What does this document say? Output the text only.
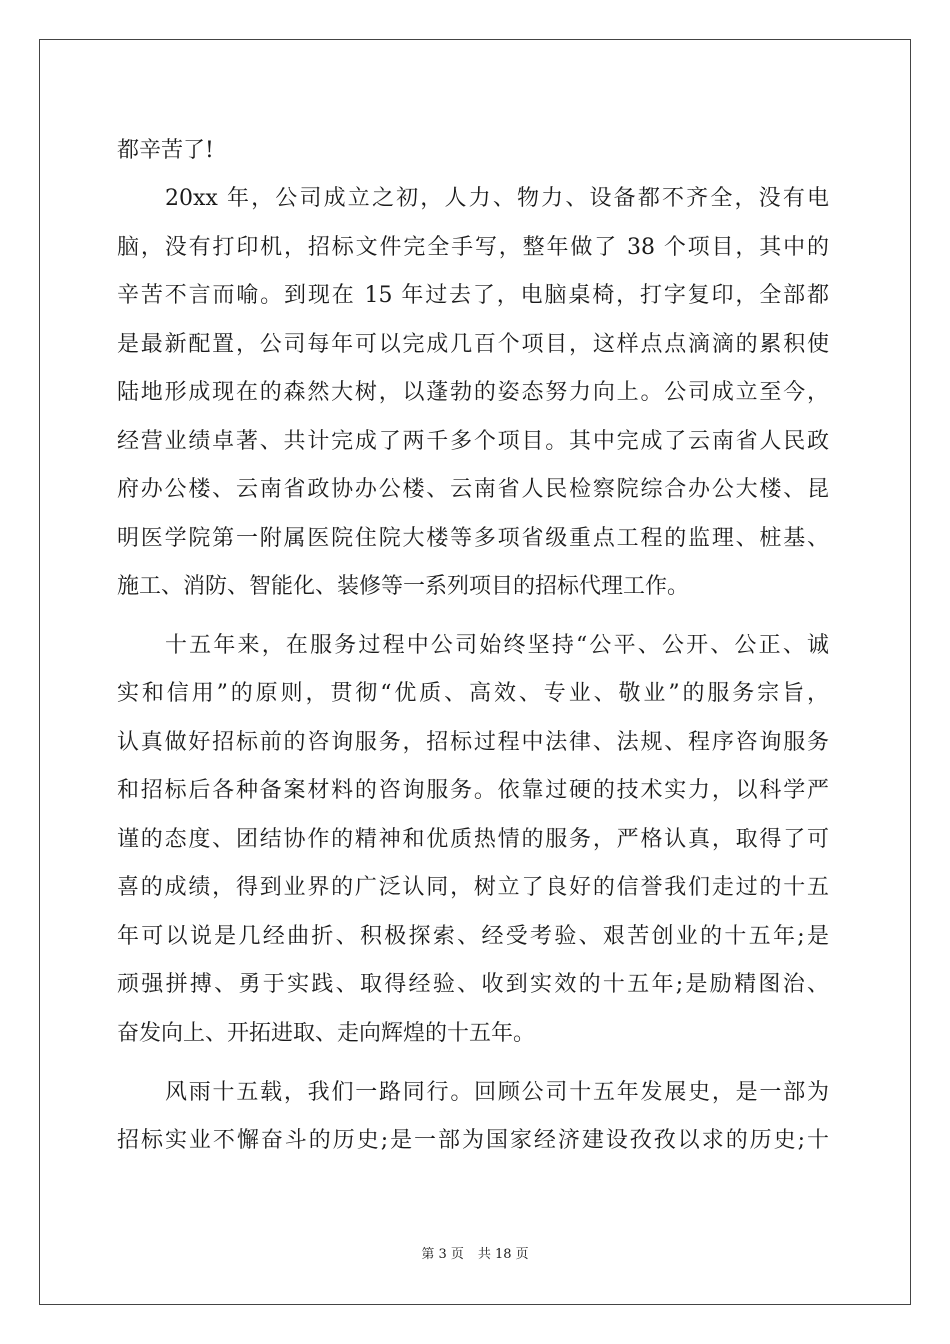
都辛苦了!

20xx 年，公司成立之初，人力、物力、设备都不齐全，没有电

脑，没有打印机，招标文件完全手写，整年做了 38 个项目，其中的

辛苦不言而喻。到现在 15 年过去了，电脑桌椅，打字复印，全部都

是最新配置，公司每年可以完成几百个项目，这样点点滴滴的累积使

陆地形成现在的森然大树，以蓬勃的姿态努力向上。公司成立至今，

经营业绩卓著、共计完成了两千多个项目。其中完成了云南省人民政

府办公楼、云南省政协办公楼、云南省人民检察院综合办公大楼、昆

明医学院第一附属医院住院大楼等多项省级重点工程的监理、桩基、

施工、消防、智能化、装修等一系列项目的招标代理工作。

十五年来，在服务过程中公司始终坚持“公平、公开、公正、诚

实和信用”的原则，贯彻“优质、高效、专业、敬业”的服务宗旨，

认真做好招标前的咨询服务，招标过程中法律、法规、程序咨询服务

和招标后各种备案材料的咨询服务。依靠过硬的技术实力，以科学严

谨的态度、团结协作的精神和优质热情的服务，严格认真，取得了可

喜的成绩，得到业界的广泛认同，树立了良好的信誉我们走过的十五

年可以说是几经曲折、积极探索、经受考验、艰苦创业的十五年;是

顽强拼搏、勇于实践、取得经验、收到实效的十五年;是励精图治、

奋发向上、开拓进取、走向辉煌的十五年。

风雨十五载，我们一路同行。回顾公司十五年发展史，是一部为

招标实业不懈奋斗的历史;是一部为国家经济建设孜孜以求的历史;十

第 3 页 共 18 页
